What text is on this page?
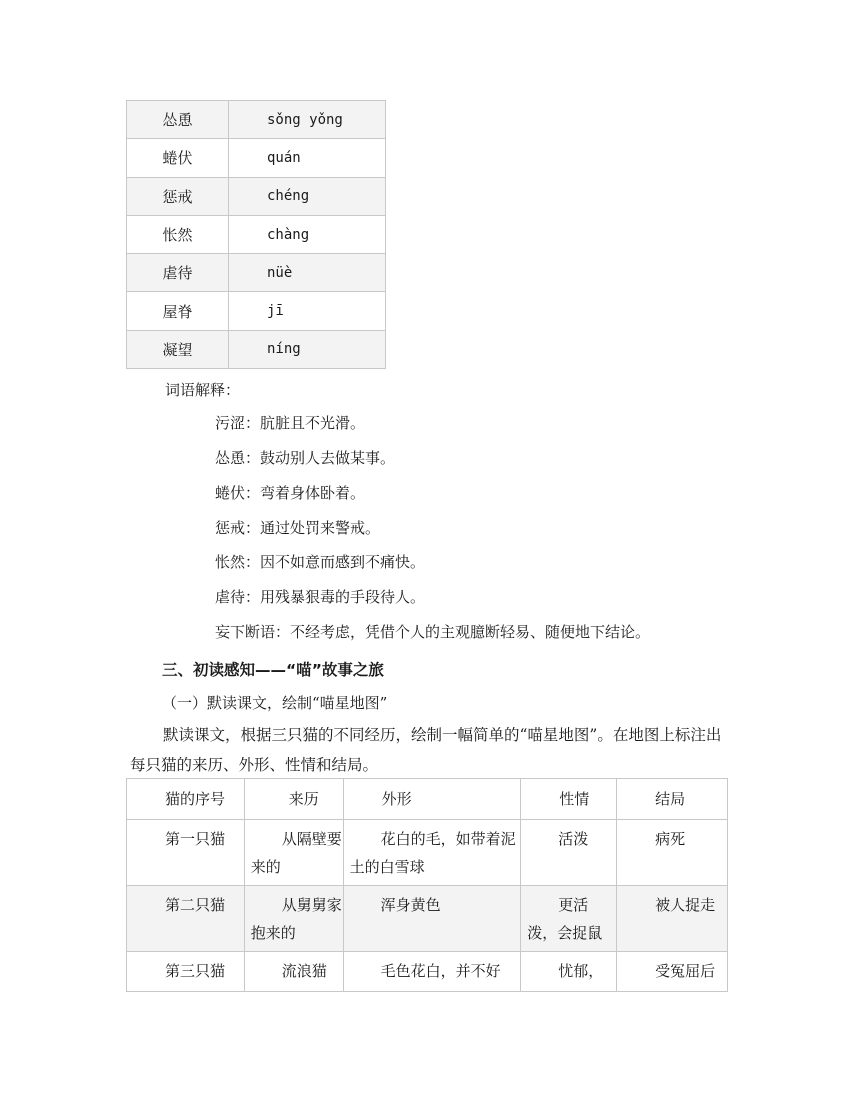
怂恿	sǒng yǒng
蜷伏	quán
惩戒	chéng
怅然	chàng
虐待	nüè
屋脊	jī
凝望	níng
词语解释：
污涩：肮脏且不光滑。
怂恿：鼓动别人去做某事。
蜷伏：弯着身体卧着。
惩戒：通过处罚来警戒。
怅然：因不如意而感到不痛快。
虐待：用残暴狠毒的手段待人。
妄下断语：不经考虑，凭借个人的主观臆断轻易、随便地下结论。
三、初读感知——“喵”故事之旅
（一）默读课文，绘制“喵星地图”
默读课文，根据三只猫的不同经历，绘制一幅简单的“喵星地图”。在地图上标注出每只猫的来历、外形、性情和结局。
猫的序号	来历	外形	性情	结局
第一只猫	从隔壁要来的	花白的毛，如带着泥土的白雪球	活泼	病死
第二只猫	从舅舅家抱来的	浑身黄色	更活泼，会捉鼠	被人捉走
第三只猫	流浪猫	毛色花白，并不好	忧郁，	受冤屈后
